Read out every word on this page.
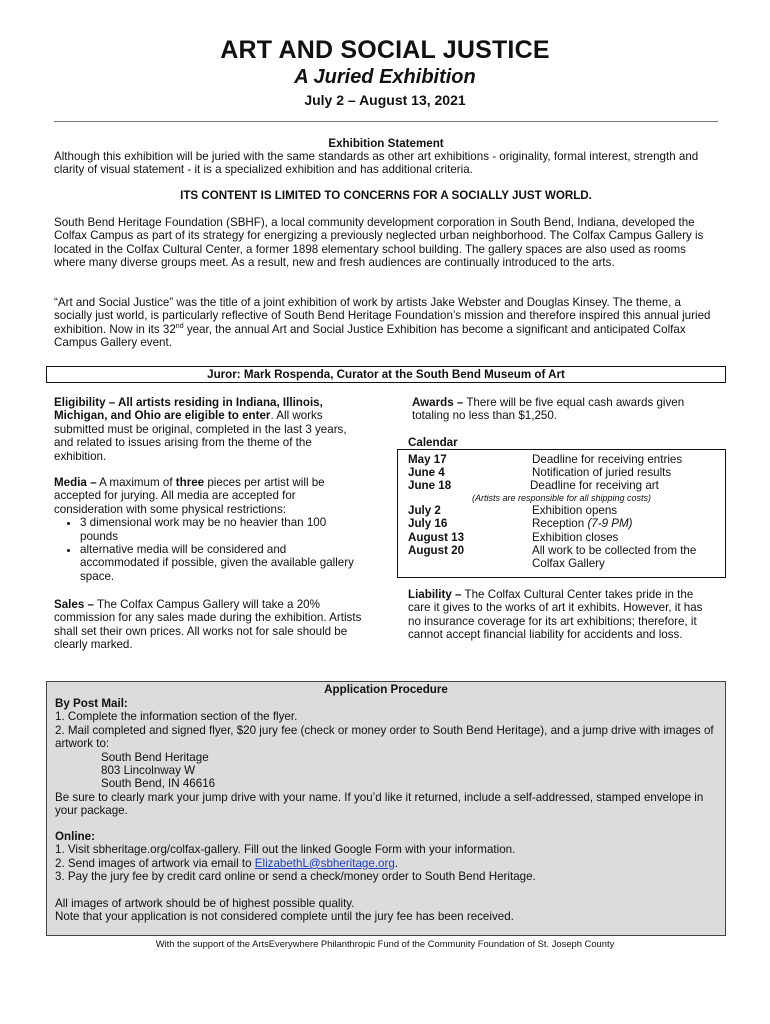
ART AND SOCIAL JUSTICE
A Juried Exhibition
July 2 – August 13, 2021
Exhibition Statement
Although this exhibition will be juried with the same standards as other art exhibitions - originality, formal interest, strength and clarity of visual statement - it is a specialized exhibition and has additional criteria.
ITS CONTENT IS LIMITED TO CONCERNS FOR A SOCIALLY JUST WORLD.
South Bend Heritage Foundation (SBHF), a local community development corporation in South Bend, Indiana, developed the Colfax Campus as part of its strategy for energizing a previously neglected urban neighborhood. The Colfax Campus Gallery is located in the Colfax Cultural Center, a former 1898 elementary school building. The gallery spaces are also used as rooms where many diverse groups meet. As a result, new and fresh audiences are continually introduced to the arts.
“Art and Social Justice” was the title of a joint exhibition of work by artists Jake Webster and Douglas Kinsey. The theme, a socially just world, is particularly reflective of South Bend Heritage Foundation’s mission and therefore inspired this annual juried exhibition. Now in its 32nd year, the annual Art and Social Justice Exhibition has become a significant and anticipated Colfax Campus Gallery event.
Juror: Mark Rospenda, Curator at the South Bend Museum of Art
Eligibility – All artists residing in Indiana, Illinois, Michigan, and Ohio are eligible to enter. All works submitted must be original, completed in the last 3 years, and related to issues arising from the theme of the exhibition.
Media – A maximum of three pieces per artist will be accepted for jurying. All media are accepted for consideration with some physical restrictions:
• 3 dimensional work may be no heavier than 100 pounds
• alternative media will be considered and accommodated if possible, given the available gallery space.
Sales – The Colfax Campus Gallery will take a 20% commission for any sales made during the exhibition. Artists shall set their own prices. All works not for sale should be clearly marked.
Awards – There will be five equal cash awards given totaling no less than $1,250.
Calendar
May 17	Deadline for receiving entries
June 4	Notification of juried results
June 18	Deadline for receiving art
(Artists are responsible for all shipping costs)
July 2	Exhibition opens
July 16	Reception (7-9 PM)
August 13	Exhibition closes
August 20	All work to be collected from the Colfax Gallery
Liability – The Colfax Cultural Center takes pride in the care it gives to the works of art it exhibits. However, it has no insurance coverage for its art exhibitions; therefore, it cannot accept financial liability for accidents and loss.
Application Procedure
By Post Mail:
1. Complete the information section of the flyer.
2. Mail completed and signed flyer, $20 jury fee (check or money order to South Bend Heritage), and a jump drive with images of artwork to:
South Bend Heritage
803 Lincolnway W
South Bend, IN 46616
Be sure to clearly mark your jump drive with your name. If you’d like it returned, include a self-addressed, stamped envelope in your package.
Online:
1. Visit sbheritage.org/colfax-gallery. Fill out the linked Google Form with your information.
2. Send images of artwork via email to ElizabethL@sbheritage.org.
3. Pay the jury fee by credit card online or send a check/money order to South Bend Heritage.
All images of artwork should be of highest possible quality.
Note that your application is not considered complete until the jury fee has been received.
With the support of the ArtsEverywhere Philanthropic Fund of the Community Foundation of St. Joseph County
